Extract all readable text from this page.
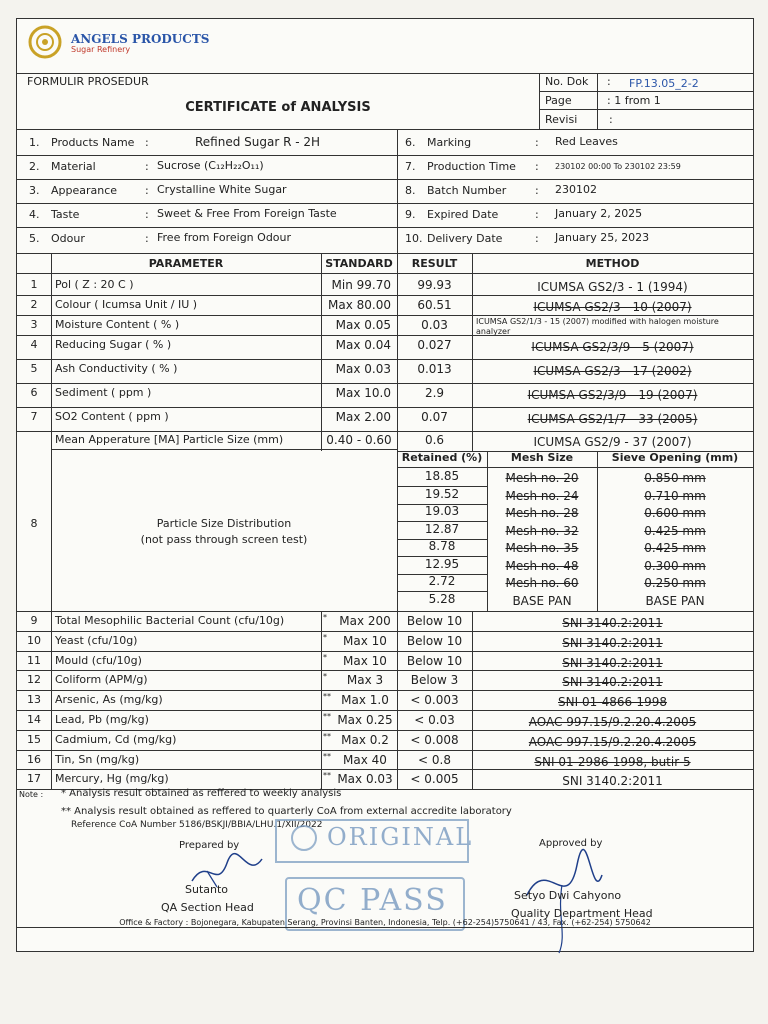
ANGELS PRODUCTS
Sugar Refinery
FORMULIR PROSEDUR
CERTIFICATE of ANALYSIS
No. Dok : FP.13.05_2-2
Page	: 1 from 1
Revisi	:
1. Products Name :	Refined Sugar R - 2H	6. Marking	: Red Leaves
2. Material	: Sucrose (C₁₂H₂₂O₁₁)	7. Production Time : 230102 00:00 To 230102 23:59
3. Appearance	: Crystalline White Sugar	8. Batch Number	: 230102
4. Taste	: Sweet & Free From Foreign Taste	9. Expired Date	: January 2, 2025
5. Odour	: Free from Foreign Odour	10. Delivery Date	: January 25, 2023
PARAMETER	STANDARD	RESULT	METHOD
1	Pol ( Z : 20 C )	Min 99.70	99.93	ICUMSA GS2/3 - 1 (1994)
2	Colour ( Icumsa Unit / IU )	Max 80.00	60.51	ICUMSA GS2/3 - 10 (2007)
3	Moisture Content ( % )	Max 0.05	0.03	ICUMSA GS2/1/3 - 15 (2007) modified with halogen moisture analyzer
4	Reducing Sugar ( % )	Max 0.04	0.027	ICUMSA GS2/3/9 - 5 (2007)
5	Ash Conductivity ( % )	Max 0.03	0.013	ICUMSA GS2/3 - 17 (2002)
6	Sediment ( ppm )	Max 10.0	2.9	ICUMSA GS2/3/9 - 19 (2007)
7	SO2 Content ( ppm )	Max 2.00	0.07	ICUMSA GS2/1/7 - 33 (2005)
Mean Apperature [MA] Particle Size (mm)	0.40 - 0.60	0.6	ICUMSA GS2/9 - 37 (2007)
8	Particle Size Distribution
(not pass through screen test)
Retained (%)	Mesh Size	Sieve Opening (mm)
18.85	Mesh no. 20	0.850 mm
19.52	Mesh no. 24	0.710 mm
19.03	Mesh no. 28	0.600 mm
12.87	Mesh no. 32	0.425 mm
8.78	Mesh no. 35	0.425 mm
12.95	Mesh no. 48	0.300 mm
2.72	Mesh no. 60	0.250 mm
5.28	BASE PAN	BASE PAN
9	Total Mesophilic Bacterial Count (cfu/10g)	*	Max 200	Below 10	SNI 3140.2:2011
10	Yeast (cfu/10g)	*	Max 10	Below 10	SNI 3140.2:2011
11	Mould (cfu/10g)	*	Max 10	Below 10	SNI 3140.2:2011
12	Coliform (APM/g)	*	Max 3	Below 3	SNI 3140.2:2011
13	Arsenic, As (mg/kg)	** Max 1.0	< 0.003	SNI 01-4866-1998
14	Lead, Pb (mg/kg)	** Max 0.25	< 0.03	AOAC 997.15/9.2.20.4.2005
15	Cadmium, Cd (mg/kg)	** Max 0.2	< 0.008	AOAC 997.15/9.2.20.4.2005
16	Tin, Sn (mg/kg)	**	Max 40	< 0.8	SNI 01-2986-1998, butir 5
17	Mercury, Hg (mg/kg)	** Max 0.03	< 0.005	SNI 3140.2:2011
Note : * Analysis result obtained as reffered to weekly analysis
** Analysis result obtained as reffered to quarterly CoA from external accredite laboratory
Reference CoA Number 5186/BSKJI/BBIA/LHU.1/XII/2022
Prepared by
Sutanto
QA Section Head
Approved by
Setyo Dwi Cahyono
Quality Department Head
ORIGINAL
QC PASS
Office & Factory : Bojonegara, Kabupaten Serang, Provinsi Banten, Indonesia, Telp. (+62-254)5750641 / 43, Fax. (+62-254) 5750642
